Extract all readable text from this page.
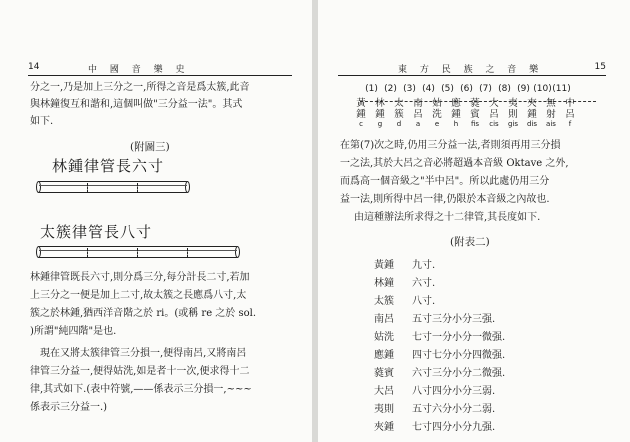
14	中 國 音 樂 史
分之一,乃是加上三分之一,所得之音是爲太簇,此音
與林鐘復互和諧和,這個叫做"三分益一法"。其式
如下.
(附圖三)
林鍾律管長六寸
太簇律管長八寸
林鍾律管既長六寸,則分爲三分,每分計長二寸,若加
上三分之一便是加上二寸,故太簇之長應爲八寸,太
簇之於林鍾,猶西洋音階之於 ri。(或稱 re 之於 sol.
)所謂"純四階"是也.
現在又將太簇律管三分損一,便得南呂,又將南呂
律管三分益一,便得姑洗,如是者十一次,便求得十二
律,其式如下.(表中符號,——係表示三分損一,~~~
係表示三分益一.)
東 方 民 族 之 音 樂	15
(1) (2) (3) (4) (5) (6) (7) (8) (9) (10)(11)
黃
鍾
c
林
鍾
g
太
簇
d
南
呂
a
姑
洗
e
應
鍾
h
蕤
賓
fis
大
呂
cis
夷
則
gis
夾
鍾
dis
無
射
ais
中
呂
f
在第(7)次之時,仍用三分益一法,者則須再用三分損
一之法,其於大呂之音必將超過本音級 Oktave 之外,
而爲高一個音級之"半中呂"。所以此處仍用三分
益一法,則所得中呂一律,仍限於本音級之內故也.
由這種辦法所求得之十二律管,其長度如下.
(附表二)
黃鍾 九寸.
林鐘 六寸.
太簇 八寸.
南呂 五寸三分小分三强.
姑洗 七寸一分小分一微强.
應鍾 四寸七分小分四微强.
蕤賓 六寸三分小分二微强.
大呂 八寸四分小分三弱.
夷則 五寸六分小分二弱.
夾鍾 七寸四分小分九强.
